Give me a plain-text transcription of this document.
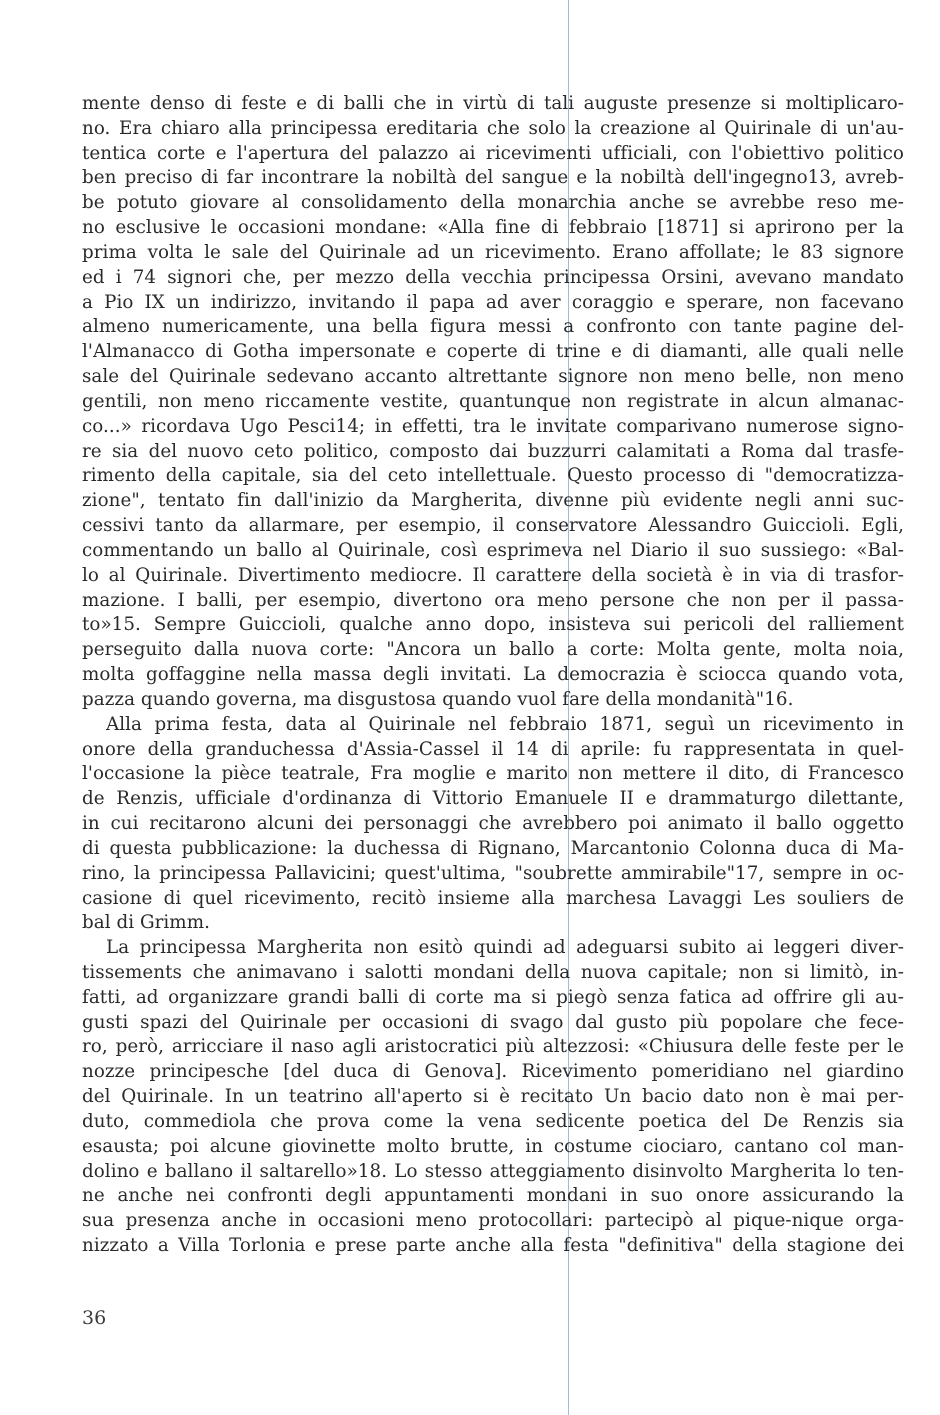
mente denso di feste e di balli che in virtù di tali auguste presenze si moltiplicaro-
no. Era chiaro alla principessa ereditaria che solo la creazione al Quirinale di un'au-
tentica corte e l'apertura del palazzo ai ricevimenti ufficiali, con l'obiettivo politico
ben preciso di far incontrare la nobiltà del sangue e la nobiltà dell'ingegno13, avreb-
be potuto giovare al consolidamento della monarchia anche se avrebbe reso me-
no esclusive le occasioni mondane: «Alla fine di febbraio [1871] si aprirono per la
prima volta le sale del Quirinale ad un ricevimento. Erano affollate; le 83 signore
ed i 74 signori che, per mezzo della vecchia principessa Orsini, avevano mandato
a Pio IX un indirizzo, invitando il papa ad aver coraggio e sperare, non facevano
almeno numericamente, una bella figura messi a confronto con tante pagine del-
l'Almanacco di Gotha impersonate e coperte di trine e di diamanti, alle quali nelle
sale del Quirinale sedevano accanto altrettante signore non meno belle, non meno
gentili, non meno riccamente vestite, quantunque non registrate in alcun almanac-
co...» ricordava Ugo Pesci14; in effetti, tra le invitate comparivano numerose signo-
re sia del nuovo ceto politico, composto dai buzzurri calamitati a Roma dal trasfe-
rimento della capitale, sia del ceto intellettuale. Questo processo di "democratizza-
zione", tentato fin dall'inizio da Margherita, divenne più evidente negli anni suc-
cessivi tanto da allarmare, per esempio, il conservatore Alessandro Guiccioli. Egli,
commentando un ballo al Quirinale, così esprimeva nel Diario il suo sussiego: «Bal-
lo al Quirinale. Divertimento mediocre. Il carattere della società è in via di trasfor-
mazione. I balli, per esempio, divertono ora meno persone che non per il passa-
to»15. Sempre Guiccioli, qualche anno dopo, insisteva sui pericoli del ralliement
perseguito dalla nuova corte: "Ancora un ballo a corte: Molta gente, molta noia,
molta goffaggine nella massa degli invitati. La democrazia è sciocca quando vota,
pazza quando governa, ma disgustosa quando vuol fare della mondanità"16.
Alla prima festa, data al Quirinale nel febbraio 1871, seguì un ricevimento in
onore della granduchessa d'Assia-Cassel il 14 di aprile: fu rappresentata in quel-
l'occasione la pièce teatrale, Fra moglie e marito non mettere il dito, di Francesco
de Renzis, ufficiale d'ordinanza di Vittorio Emanuele II e drammaturgo dilettante,
in cui recitarono alcuni dei personaggi che avrebbero poi animato il ballo oggetto
di questa pubblicazione: la duchessa di Rignano, Marcantonio Colonna duca di Ma-
rino, la principessa Pallavicini; quest'ultima, "soubrette ammirabile"17, sempre in oc-
casione di quel ricevimento, recitò insieme alla marchesa Lavaggi Les souliers de
bal di Grimm.
La principessa Margherita non esitò quindi ad adeguarsi subito ai leggeri diver-
tissements che animavano i salotti mondani della nuova capitale; non si limitò, in-
fatti, ad organizzare grandi balli di corte ma si piegò senza fatica ad offrire gli au-
gusti spazi del Quirinale per occasioni di svago dal gusto più popolare che fece-
ro, però, arricciare il naso agli aristocratici più altezzosi: «Chiusura delle feste per le
nozze principesche [del duca di Genova]. Ricevimento pomeridiano nel giardino
del Quirinale. In un teatrino all'aperto si è recitato Un bacio dato non è mai per-
duto, commediola che prova come la vena sedicente poetica del De Renzis sia
esausta; poi alcune giovinette molto brutte, in costume ciociaro, cantano col man-
dolino e ballano il saltarello»18. Lo stesso atteggiamento disinvolto Margherita lo ten-
ne anche nei confronti degli appuntamenti mondani in suo onore assicurando la
sua presenza anche in occasioni meno protocollari: partecipò al pique-nique orga-
nizzato a Villa Torlonia e prese parte anche alla festa "definitiva" della stagione dei
36
